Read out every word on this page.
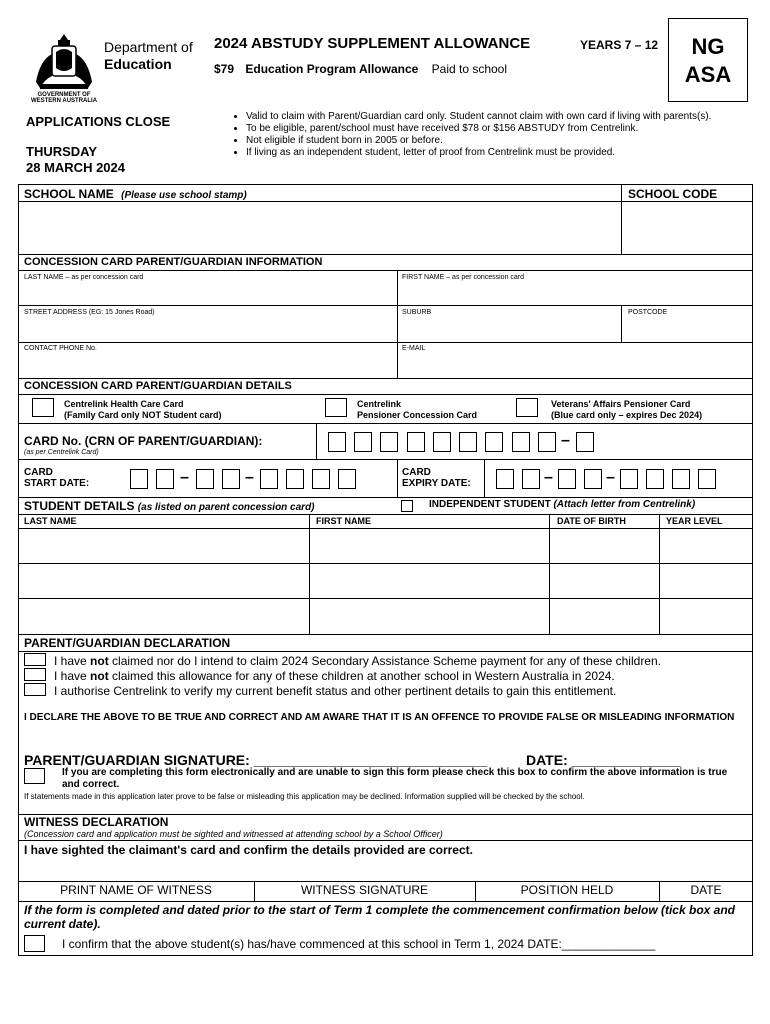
GOVERNMENT OF
WESTERN AUSTRALIA
Department of
Education
2024 ABSTUDY SUPPLEMENT ALLOWANCE	YEARS 7 – 12
$79 Education Program Allowance Paid to school
NG
ASA
APPLICATIONS CLOSE
THURSDAY
28 MARCH 2024
• Valid to claim with Parent/Guardian card only. Student cannot claim with own card if living with parents(s).
• To be eligible, parent/school must have received $78 or $156 ABSTUDY from Centrelink.
• Not eligible if student born in 2005 or before.
• If living as an independent student, letter of proof from Centrelink must be provided.
SCHOOL NAME (Please use school stamp)	SCHOOL CODE
CONCESSION CARD PARENT/GUARDIAN INFORMATION
LAST NAME – as per concession card	FIRST NAME – as per concession card
STREET ADDRESS (EG: 15 Jones Road)	SUBURB	POSTCODE
CONTACT PHONE No.	E-MAIL
CONCESSION CARD PARENT/GUARDIAN DETAILS
Centrelink Health Care Card
(Family Card only NOT Student card)
Centrelink
Pensioner Concession Card
Veterans' Affairs Pensioner Card
(Blue card only – expires Dec 2024)
CARD No. (CRN OF PARENT/GUARDIAN):
(as per Centrelink Card)
–
CARD
START DATE:	–	–	CARD
EXPIRY DATE:	–	–
STUDENT DETAILS (as listed on parent concession card)	INDEPENDENT STUDENT (Attach letter from Centrelink)
LAST NAME	FIRST NAME	DATE OF BIRTH	YEAR LEVEL
PARENT/GUARDIAN DECLARATION
I have not claimed nor do I intend to claim 2024 Secondary Assistance Scheme payment for any of these children.
I have not claimed this allowance for any of these children at another school in Western Australia in 2024.
I authorise Centrelink to verify my current benefit status and other pertinent details to gain this entitlement.
I DECLARE THE ABOVE TO BE TRUE AND CORRECT AND AM AWARE THAT IT IS AN OFFENCE TO PROVIDE FALSE OR MISLEADING INFORMATION
PARENT/GUARDIAN SIGNATURE: ______________________________	DATE: ______________
If you are completing this form electronically and are unable to sign this form please check this box to confirm the above information is true and correct.
If statements made in this application later prove to be false or misleading this application may be declined. Information supplied will be checked by the school.
WITNESS DECLARATION
(Concession card and application must be sighted and witnessed at attending school by a School Officer)
I have sighted the claimant's card and confirm the details provided are correct.
PRINT NAME OF WITNESS	WITNESS SIGNATURE	POSITION HELD	DATE
If the form is completed and dated prior to the start of Term 1 complete the commencement confirmation below (tick box and current date).
I confirm that the above student(s) has/have commenced at this school in Term 1, 2024 DATE:______________
